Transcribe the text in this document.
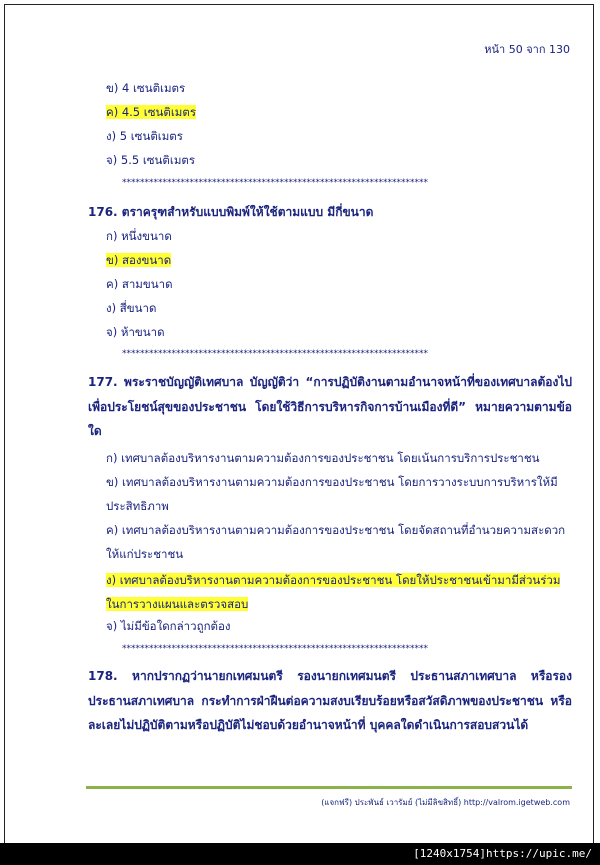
หน้า 50 จาก 130
ข) 4 เซนติเมตร
ค) 4.5 เซนติเมตร
ง) 5 เซนติเมตร
จ) 5.5 เซนติเมตร
********************************************************************
176. ตราครุฑสำหรับแบบพิมพ์ให้ใช้ตามแบบ มีกี่ขนาด
ก) หนึ่งขนาด
ข) สองขนาด
ค) สามขนาด
ง) สี่ขนาด
จ) ห้าขนาด
********************************************************************
177. พระราชบัญญัติเทศบาล บัญญัติว่า “การปฏิบัติงานตามอำนาจหน้าที่ของเทศบาลต้องไปเพื่อประโยชน์สุขของประชาชน โดยใช้วิธีการบริหารกิจการบ้านเมืองที่ดี” หมายความตามข้อใด
ก) เทศบาลต้องบริหารงานตามความต้องการของประชาชน โดยเน้นการบริการประชาชน
ข) เทศบาลต้องบริหารงานตามความต้องการของประชาชน โดยการวางระบบการบริหารให้มีประสิทธิภาพ
ค) เทศบาลต้องบริหารงานตามความต้องการของประชาชน โดยจัดสถานที่อำนวยความสะดวกให้แก่ประชาชน
ง) เทศบาลต้องบริหารงานตามความต้องการของประชาชน โดยให้ประชาชนเข้ามามีส่วนร่วมในการวางแผนและตรวจสอบ
จ) ไม่มีข้อใดกล่าวถูกต้อง
********************************************************************
178. หากปรากฏว่านายกเทศมนตรี รองนายกเทศมนตรี ประธานสภาเทศบาล หรือรองประธานสภาเทศบาล กระทำการฝ่าฝืนต่อความสงบเรียบร้อยหรือสวัสดิภาพของประชาชน หรือละเลยไม่ปฏิบัติตามหรือปฏิบัติไม่ชอบด้วยอำนาจหน้าที่ บุคคลใดดำเนินการสอบสวนได้
(แจกฟรี) ประพันธ์ เวารัมย์ (ไม่มีลิขสิทธิ์) http://valrom.igetweb.com
[1240x1754]https://upic.me/
